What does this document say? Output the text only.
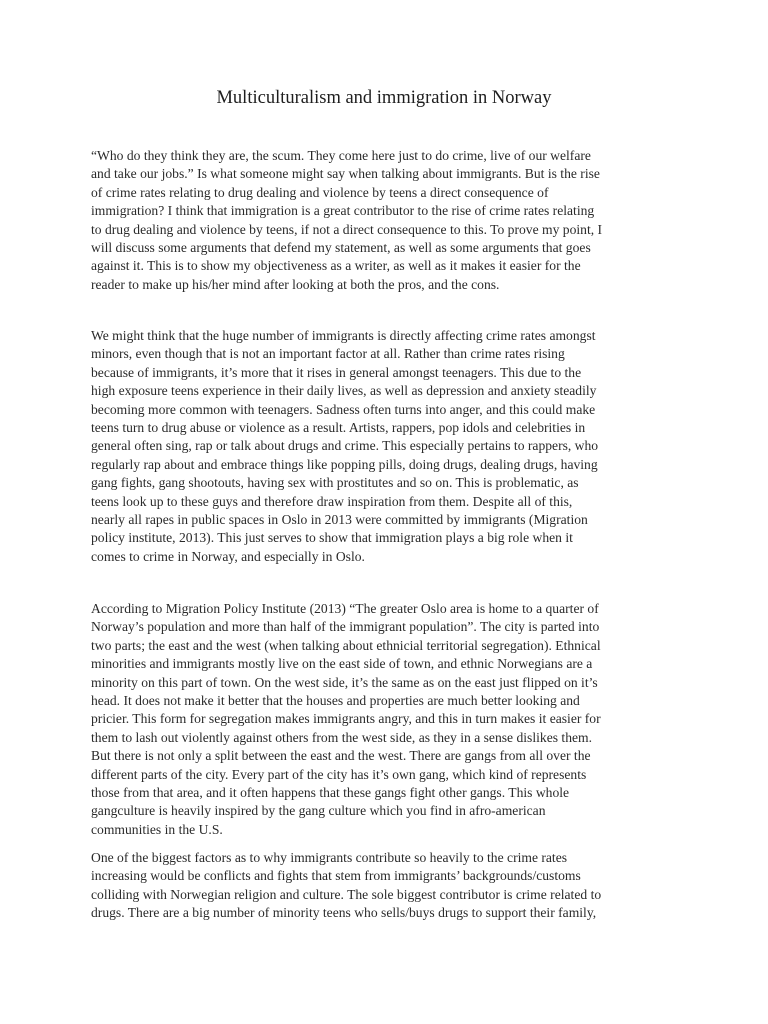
Multiculturalism and immigration in Norway
“Who do they think they are, the scum. They come here just to do crime, live of our welfare
and take our jobs.” Is what someone might say when talking about immigrants. But is the rise
of crime rates relating to drug dealing and violence by teens a direct consequence of
immigration? I think that immigration is a great contributor to the rise of crime rates relating
to drug dealing and violence by teens, if not a direct consequence to this. To prove my point, I
will discuss some arguments that defend my statement, as well as some arguments that goes
against it. This is to show my objectiveness as a writer, as well as it makes it easier for the
reader to make up his/her mind after looking at both the pros, and the cons.
We might think that the huge number of immigrants is directly affecting crime rates amongst
minors, even though that is not an important factor at all. Rather than crime rates rising
because of immigrants, it’s more that it rises in general amongst teenagers. This due to the
high exposure teens experience in their daily lives, as well as depression and anxiety steadily
becoming more common with teenagers. Sadness often turns into anger, and this could make
teens turn to drug abuse or violence as a result. Artists, rappers, pop idols and celebrities in
general often sing, rap or talk about drugs and crime. This especially pertains to rappers, who
regularly rap about and embrace things like popping pills, doing drugs, dealing drugs, having
gang fights, gang shootouts, having sex with prostitutes and so on. This is problematic, as
teens look up to these guys and therefore draw inspiration from them. Despite all of this,
nearly all rapes in public spaces in Oslo in 2013 were committed by immigrants (Migration
policy institute, 2013). This just serves to show that immigration plays a big role when it
comes to crime in Norway, and especially in Oslo.
According to Migration Policy Institute (2013) “The greater Oslo area is home to a quarter of
Norway’s population and more than half of the immigrant population”. The city is parted into
two parts; the east and the west (when talking about ethnicial territorial segregation). Ethnical
minorities and immigrants mostly live on the east side of town, and ethnic Norwegians are a
minority on this part of town. On the west side, it’s the same as on the east just flipped on it’s
head. It does not make it better that the houses and properties are much better looking and
pricier. This form for segregation makes immigrants angry, and this in turn makes it easier for
them to lash out violently against others from the west side, as they in a sense dislikes them.
But there is not only a split between the east and the west. There are gangs from all over the
different parts of the city. Every part of the city has it’s own gang, which kind of represents
those from that area, and it often happens that these gangs fight other gangs. This whole
gangculture is heavily inspired by the gang culture which you find in afro-american
communities in the U.S.
One of the biggest factors as to why immigrants contribute so heavily to the crime rates
increasing would be conflicts and fights that stem from immigrants’ backgrounds/customs
colliding with Norwegian religion and culture. The sole biggest contributor is crime related to
drugs. There are a big number of minority teens who sells/buys drugs to support their family,
